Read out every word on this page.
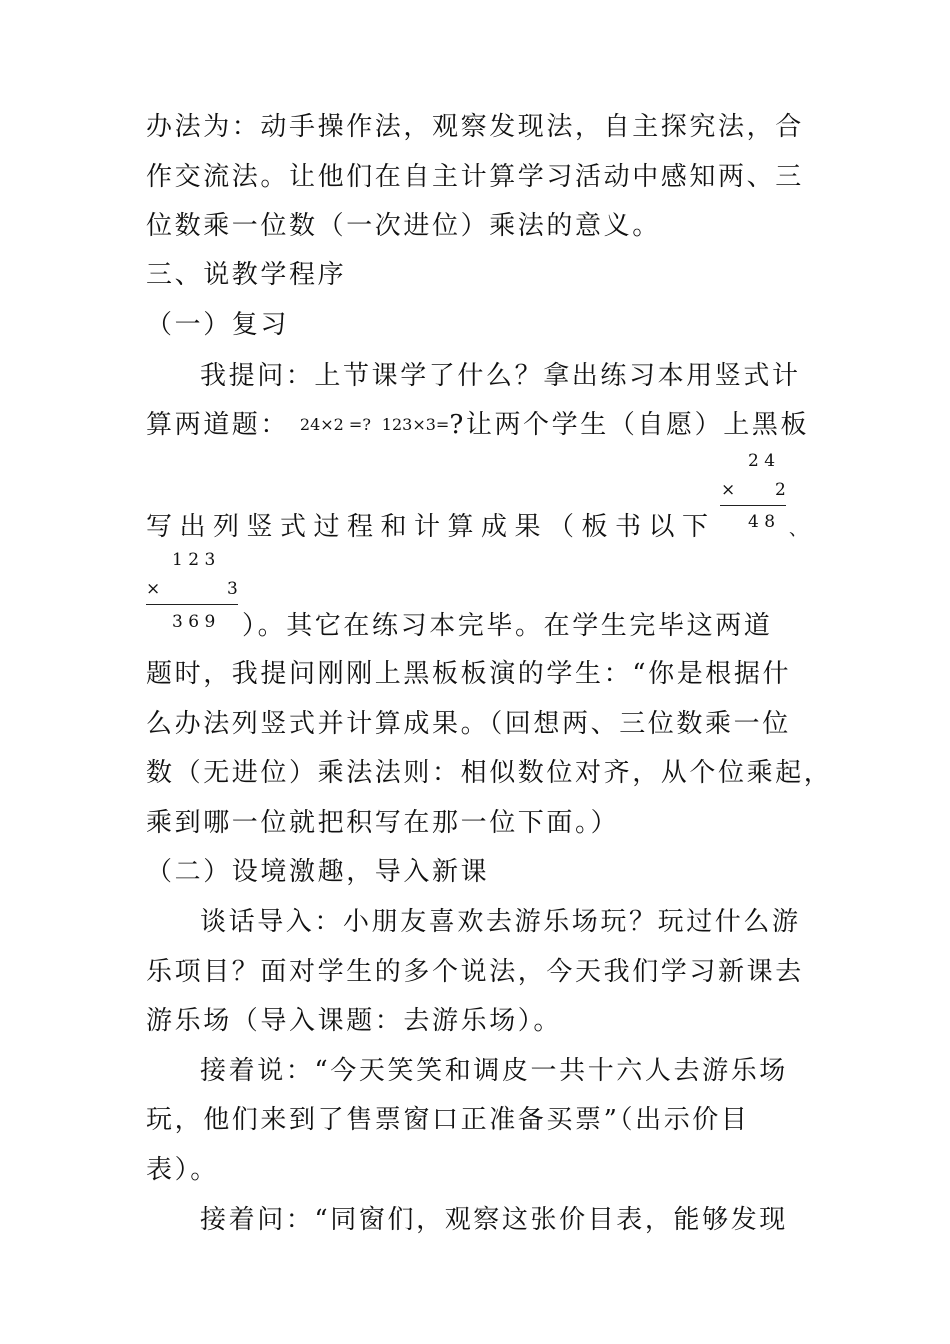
办法为：动手操作法，观察发现法，自主探究法，合
作交流法。让他们在自主计算学习活动中感知两、三
位数乘一位数（一次进位）乘法的意义。
三、说教学程序
（一）复习
我提问：上节课学了什么？拿出练习本用竖式计
算两道题： 24×2 =? 123×3=?让两个学生（自愿）上黑板
2 4
× 2
4 8
写出列竖式过程和计算成果（板书以下	、
1 2 3
×	3
3 6 9 ）。其它在练习本完毕。在学生完毕这两道
题时，我提问刚刚上黑板板演的学生：“你是根据什
么办法列竖式并计算成果。（回想两、三位数乘一位
数（无进位）乘法法则：相似数位对齐，从个位乘起，
乘到哪一位就把积写在那一位下面。）
（二）设境激趣，导入新课
谈话导入：小朋友喜欢去游乐场玩？玩过什么游
乐项目？面对学生的多个说法，今天我们学习新课去
游乐场（导入课题：去游乐场）。
接着说：“今天笑笑和调皮一共十六人去游乐场
玩，他们来到了售票窗口正准备买票”（出示价目
表）。
接着问：“同窗们，观察这张价目表，能够发现
